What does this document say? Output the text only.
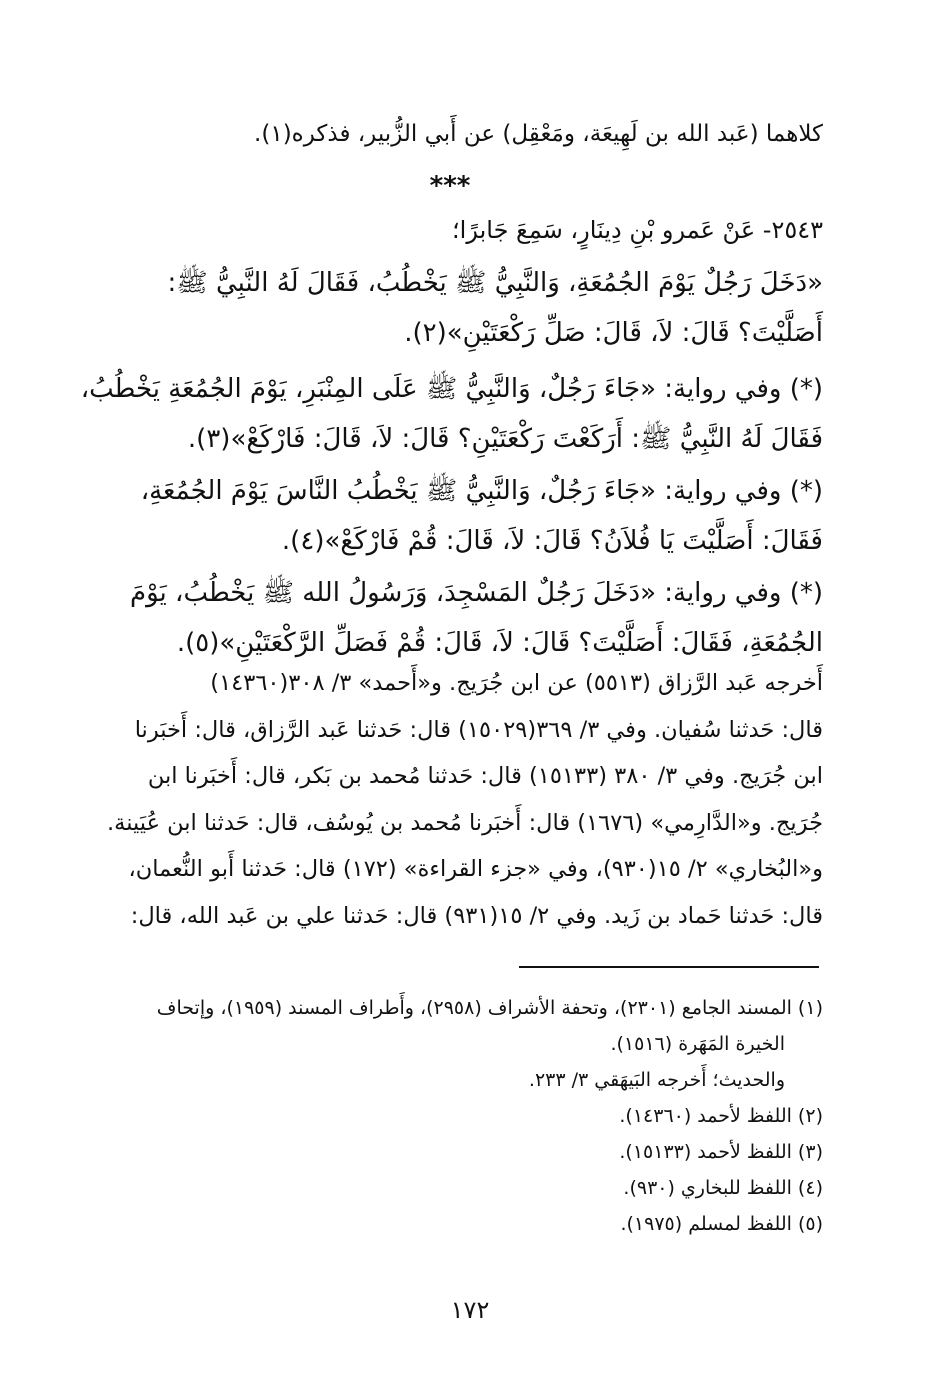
كلاهما (عَبد الله بن لَهِيعَة، ومَعْقِل) عن أَبي الزُّبير، فذكره(١).

***

٢٥٤٣- عَنْ عَمرو بْنِ دِينَارٍ، سَمِعَ جَابرًا؛

«دَخَلَ رَجُلٌ يَوْمَ الجُمُعَةِ، وَالنَّبِيُّ ﷺ يَخْطُبُ، فَقَالَ لَهُ النَّبِيُّ ﷺ:

أَصَلَّيْتَ؟ قَالَ: لاَ، قَالَ: صَلِّ رَكْعَتَيْنِ»(٢).

(*) وفي رواية: «جَاءَ رَجُلٌ، وَالنَّبِيُّ ﷺ عَلَى المِنْبَرِ، يَوْمَ الجُمُعَةِ يَخْطُبُ،

فَقَالَ لَهُ النَّبِيُّ ﷺ: أَرَكَعْتَ رَكْعَتَيْنِ؟ قَالَ: لاَ، قَالَ: فَارْكَعْ»(٣).

(*) وفي رواية: «جَاءَ رَجُلٌ، وَالنَّبِيُّ ﷺ يَخْطُبُ النَّاسَ يَوْمَ الجُمُعَةِ،

فَقَالَ: أَصَلَّيْتَ يَا فُلاَنُ؟ قَالَ: لاَ، قَالَ: قُمْ فَارْكَعْ»(٤).

(*) وفي رواية: «دَخَلَ رَجُلٌ المَسْجِدَ، وَرَسُولُ الله ﷺ يَخْطُبُ، يَوْمَ

الجُمُعَةِ، فَقَالَ: أَصَلَّيْتَ؟ قَالَ: لاَ، قَالَ: قُمْ فَصَلِّ الرَّكْعَتَيْنِ»(٥).

أَخرجه عَبد الرَّزاق (٥٥١٣) عن ابن جُرَيج. و«أَحمد» ٣/ ٣٠٨(١٤٣٦٠)

قال: حَدثنا سُفيان. وفي ٣/ ٣٦٩(١٥٠٢٩) قال: حَدثنا عَبد الرَّزاق، قال: أَخبَرنا

ابن جُرَيج. وفي ٣/ ٣٨٠ (١٥١٣٣) قال: حَدثنا مُحمد بن بَكر، قال: أَخبَرنا ابن

جُرَيج. و«الدَّارِمي» (١٦٧٦) قال: أَخبَرنا مُحمد بن يُوسُف، قال: حَدثنا ابن عُيَينة.

و«البُخاري» ٢/ ١٥(٩٣٠)، وفي «جزء القراءة» (١٧٢) قال: حَدثنا أَبو النُّعمان،

قال: حَدثنا حَماد بن زَيد. وفي ٢/ ١٥(٩٣١) قال: حَدثنا علي بن عَبد الله، قال:

(١) المسند الجامع (٢٣٠١)، وتحفة الأشراف (٢٩٥٨)، وأَطراف المسند (١٩٥٩)، وإتحاف

الخيرة المَهَرة (١٥١٦).

والحديث؛ أَخرجه البَيهَقي ٣/ ٢٣٣.

(٢) اللفظ لأحمد (١٤٣٦٠).

(٣) اللفظ لأحمد (١٥١٣٣).

(٤) اللفظ للبخاري (٩٣٠).

(٥) اللفظ لمسلم (١٩٧٥).

١٧٢
